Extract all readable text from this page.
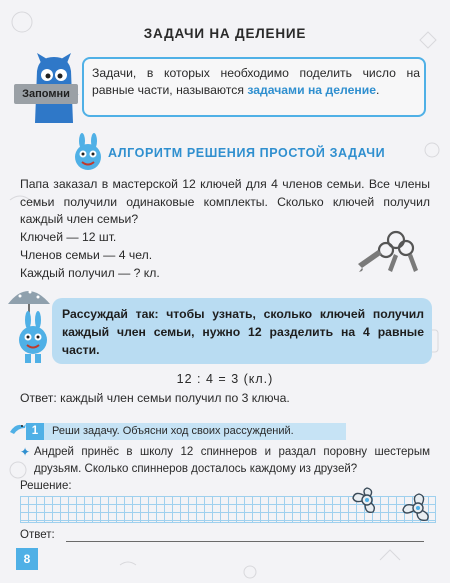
ЗАДАЧИ НА ДЕЛЕНИЕ
Запомни
Задачи, в которых необходимо поделить число на равные части, называются задачами на деление.
АЛГОРИТМ РЕШЕНИЯ ПРОСТОЙ ЗАДАЧИ
Папа заказал в мастерской 12 ключей для 4 членов семьи. Все члены семьи получили одинаковые комплекты. Сколько ключей получил каждый член семьи?
Ключей — 12 шт.
Членов семьи — 4 чел.
Каждый получил — ? кл.
Рассуждай так: чтобы узнать, сколько ключей получил каждый член семьи, нужно 12 разделить на 4 равные части.
12 : 4 = 3 (кл.)
Ответ: каждый член семьи получил по 3 ключа.
1	Реши задачу. Объясни ход своих рассуждений.
✦ Андрей принёс в школу 12 спиннеров и раздал поровну шестерым друзьям. Сколько спиннеров досталось каждому из друзей?
Решение:
Ответ:
8
